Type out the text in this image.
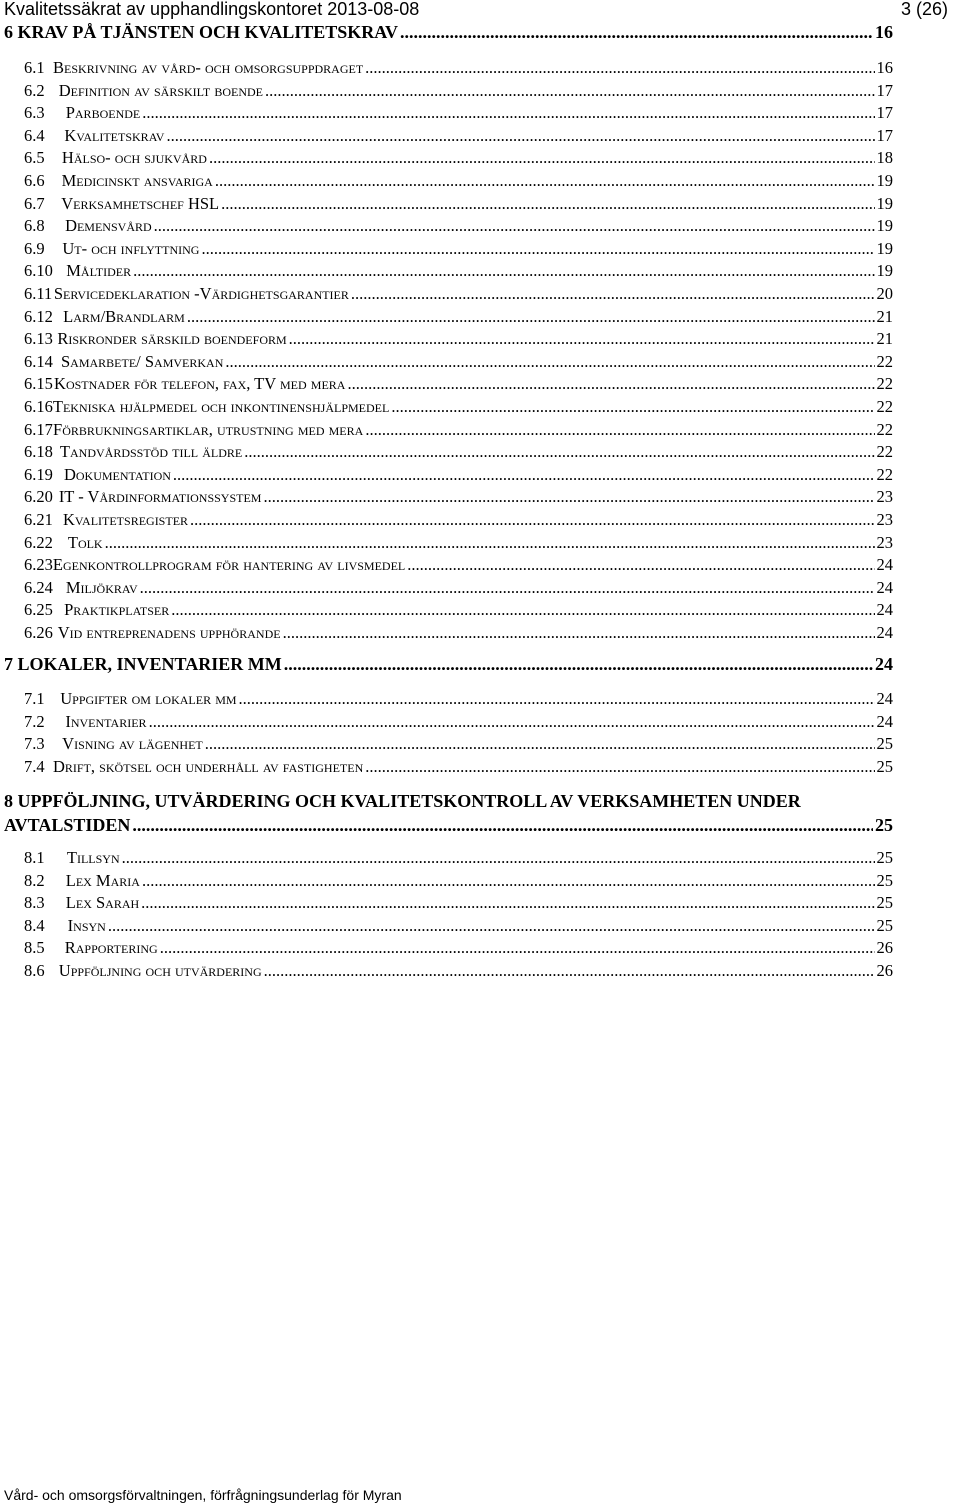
Kvalitetssäkrat av upphandlingskontoret 2013-08-08	3 (26)
6 KRAV PÅ TJÄNSTEN OCH KVALITETSKRAV .....	16
6.1 Beskrivning av vård- och omsorgsuppdraget .....	16
6.2 Definition av särskilt boende .....	17
6.3	Parboende .....	17
6.4	Kvalitetskrav .....	17
6.5	Hälso- och sjukvård .....	18
6.6	Medicinskt ansvariga .....	19
6.7	Verksamhetschef HSL .....	19
6.8	Demensvård .....	19
6.9	Ut- och inflyttning .....	19
6.10 Måltider .....	19
6.11 Servicedeklaration -Värdighetsgarantier .....	20
6.12 Larm/Brandlarm .....	21
6.13 Riskronder särskild boendeform .....	21
6.14 Samarbete/ Samverkan .....	22
6.15 Kostnader för telefon, fax, TV med mera .....	22
6.16 Tekniska hjälpmedel och inkontinenshjälpmedel .....	22
6.17 Förbrukningsartiklar, utrustning med mera .....	22
6.18 Tandvårdsstöd till äldre .....	22
6.19 Dokumentation .....	22
6.20 IT - Vårdinformationssystem .....	23
6.21 Kvalitetsregister .....	23
6.22 Tolk .....	23
6.23 Egenkontrollprogram för hantering av livsmedel .....	24
6.24 Miljökrav .....	24
6.25 Praktikplatser .....	24
6.26 Vid entreprenadens upphörande .....	24
7 LOKALER, INVENTARIER MM .....	24
7.1 Uppgifter om lokaler mm .....	24
7.2	Inventarier .....	24
7.3	Visning av lägenhet .....	25
7.4 Drift, skötsel och underhåll av fastigheten .....	25
8 UPPFÖLJNING, UTVÄRDERING OCH KVALITETSKONTROLL AV VERKSAMHETEN UNDER
AVTALSTIDEN .....	25
8.1	Tillsyn .....	25
8.2	Lex Maria .....	25
8.3	Lex Sarah .....	25
8.4	Insyn .....	25
8.5	Rapportering .....	26
8.6 Uppföljning och utvärdering .....	26
Vård- och omsorgsförvaltningen, förfrågningsunderlag för Myran
